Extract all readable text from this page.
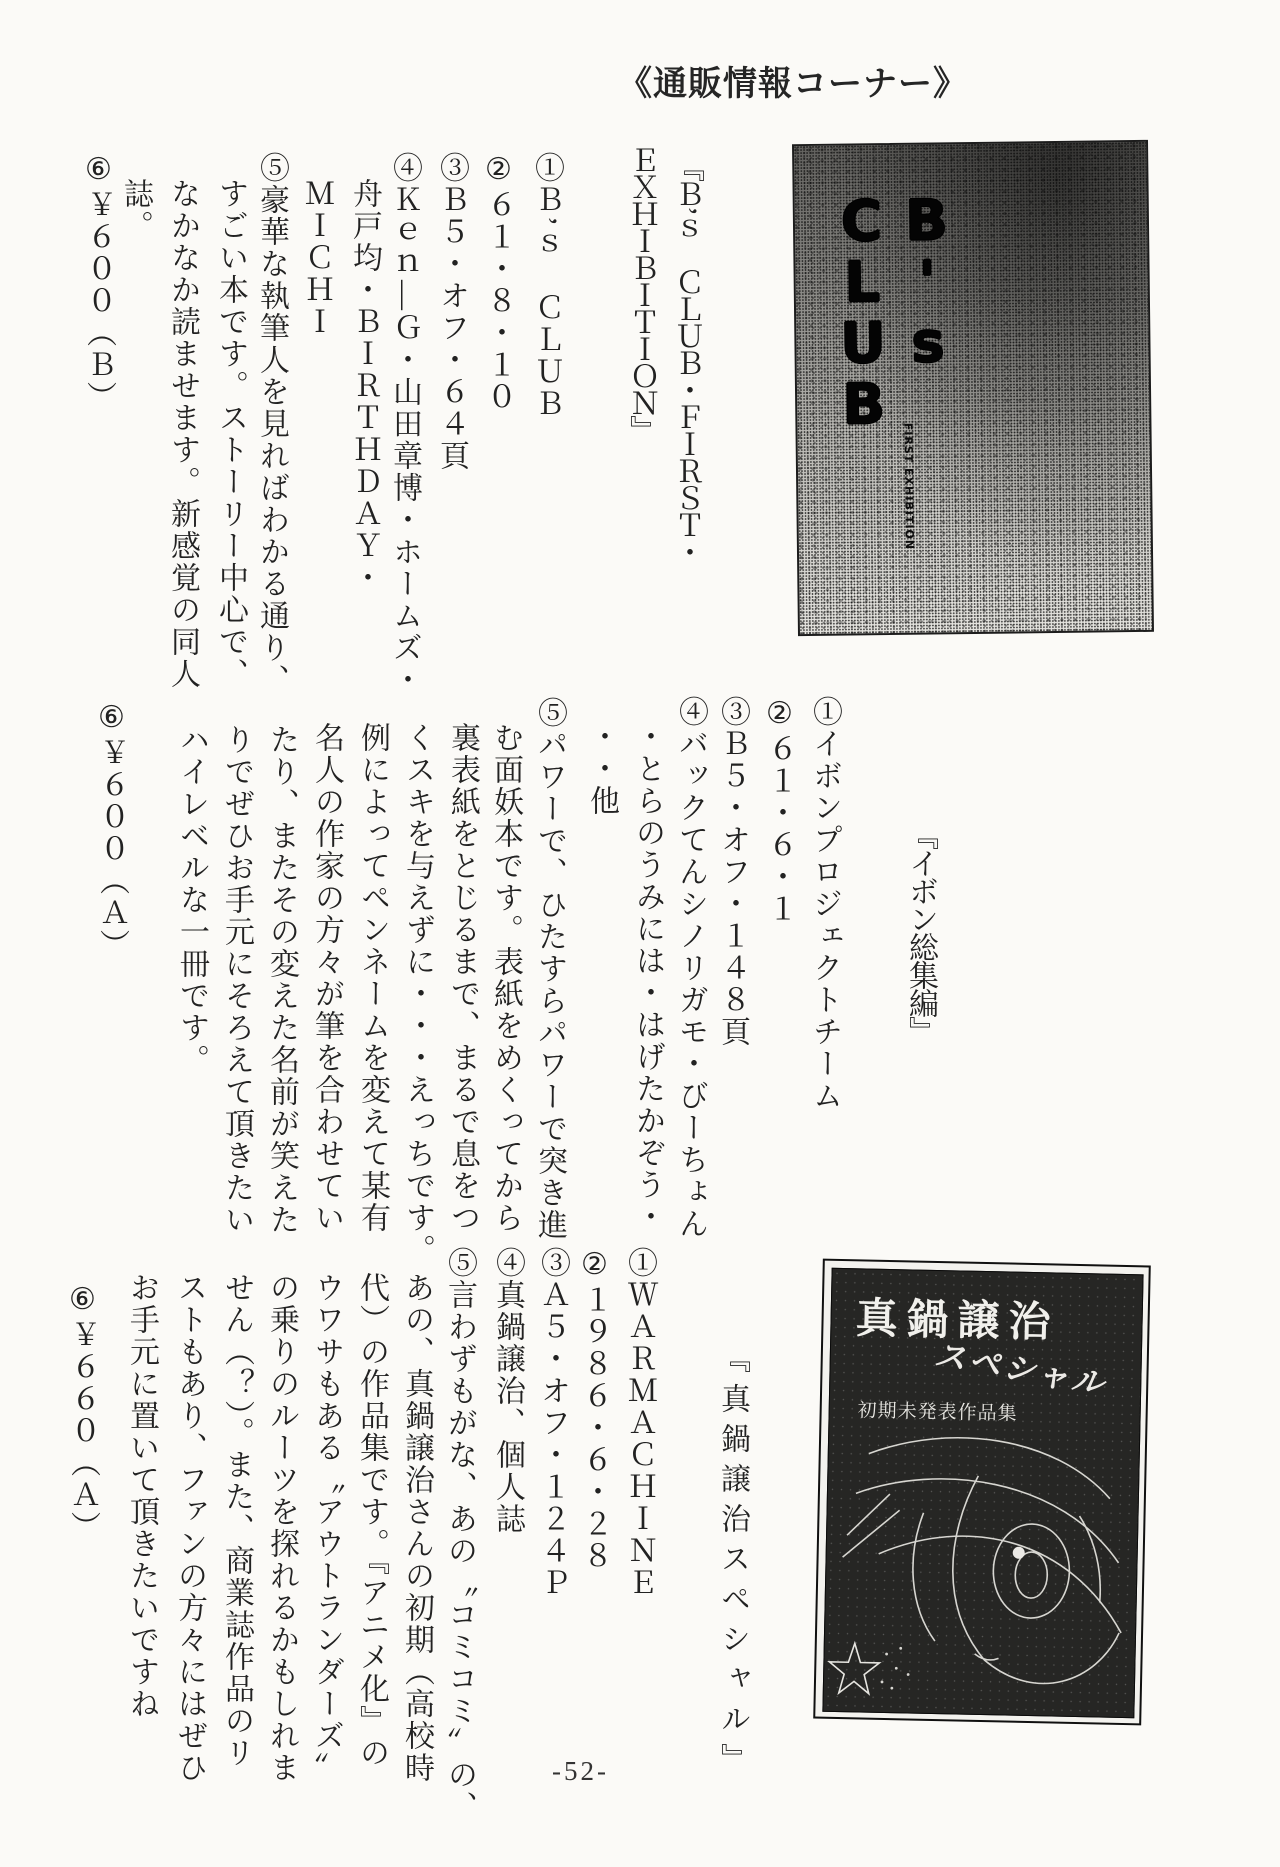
《通販情報コーナー》
B's CLUB
FIRST EXHIBITION
『Ｂ’ｓ　ＣＬＵＢ・ＦＩＲＳＴ・
ＥＸＨＩＢＩＴＩＯＮ』
①Ｂ’ｓ　ＣＬＵＢ
②６１・８・１０
③Ｂ５・オフ・６４頁
④Ｋｅｎ—Ｇ・山田章博・ホームズ・
舟戸均・ＢＩＲＴＨＤＡＹ・
ＭＩＣＨＩ
⑤豪華な執筆人を見ればわかる通り、
すごい本です。ストーリー中心で、
なかなか読ませます。新感覚の同人
誌。
⑥￥６００（Ｂ）
『イボン総集編』
①イボンプロジェクトチーム
②６１・６・１
③Ｂ５・オフ・１４８頁
④バックてんシノリガモ・びーちょん
・とらのうみには・はげたかぞう・
・・他
⑤パワーで、ひたすらパワーで突き進
む面妖本です。表紙をめくってから
裏表紙をとじるまで、まるで息をつ
くスキを与えずに・・・えっちです。
例によってペンネームを変えて某有
名人の作家の方々が筆を合わせてい
たり、またその変えた名前が笑えた
りでぜひお手元にそろえて頂きたい
ハイレベルな一冊です。
⑥￥６００（Ａ）
真鍋譲治
スペシャル
初期未発表作品集
『真鍋譲治スペシャル』
①ＷＡＲＭＡＣＨＩＮＥ
②１９８６・６・２８
③Ａ５・オフ・１２４Ｐ
④真鍋譲治、個人誌
⑤言わずもがな、あの〝コミコミ〟の、
あの、真鍋譲治さんの初期（高校時
代）の作品集です。『アニメ化』の
ウワサもある〝アウトランダーズ〟
の乗りのルーツを探れるかもしれま
せん（？）。また、商業誌作品のリ
ストもあり、ファンの方々にはぜひ
お手元に置いて頂きたいですね
⑥￥６６０（Ａ）
-52-
